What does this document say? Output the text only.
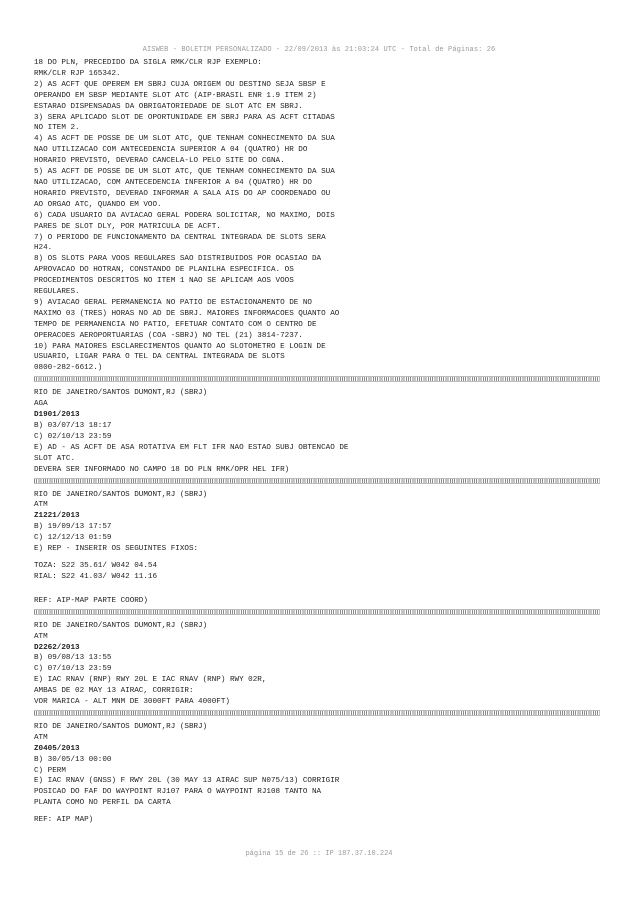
AISWEB - BOLETIM PERSONALIZADO - 22/09/2013 às 21:03:24 UTC - Total de Páginas: 26
18 DO PLN, PRECEDIDO DA SIGLA RMK/CLR RJP EXEMPLO:
RMK/CLR RJP 165342.
2) AS ACFT QUE OPEREM EM SBRJ CUJA ORIGEM OU DESTINO SEJA SBSP E
OPERANDO EM SBSP MEDIANTE SLOT ATC (AIP-BRASIL ENR 1.9 ITEM 2)
ESTARAO DISPENSADAS DA OBRIGATORIEDADE DE SLOT ATC EM SBRJ.
3) SERA APLICADO SLOT DE OPORTUNIDADE EM SBRJ PARA AS ACFT CITADAS
NO ITEM 2.
4) AS ACFT DE POSSE DE UM SLOT ATC, QUE TENHAM CONHECIMENTO DA SUA
NAO UTILIZACAO COM ANTECEDENCIA SUPERIOR A 04 (QUATRO) HR DO
HORARIO PREVISTO, DEVERAO CANCELA-LO PELO SITE DO CGNA.
5) AS ACFT DE POSSE DE UM SLOT ATC, QUE TENHAM CONHECIMENTO DA SUA
NAO UTILIZACAO, COM ANTECEDENCIA INFERIOR A 04 (QUATRO) HR DO
HORARIO PREVISTO, DEVERAO INFORMAR A SALA AIS DO AP COORDENADO OU
AO ORGAO ATC, QUANDO EM VOO.
6) CADA USUARIO DA AVIACAO GERAL PODERA SOLICITAR, NO MAXIMO, DOIS
PARES DE SLOT DLY, POR MATRICULA DE ACFT.
7) O PERIODO DE FUNCIONAMENTO DA CENTRAL INTEGRADA DE SLOTS SERA
H24.
8) OS SLOTS PARA VOOS REGULARES SAO DISTRIBUIDOS POR OCASIAO DA
APROVACAO DO HOTRAN, CONSTANDO DE PLANILHA ESPECIFICA. OS
PROCEDIMENTOS DESCRITOS NO ITEM 1 NAO SE APLICAM AOS VOOS
REGULARES.
9) AVIACAO GERAL PERMANENCIA NO PATIO DE ESTACIONAMENTO DE NO
MAXIMO 03 (TRES) HORAS NO AD DE SBRJ. MAIORES INFORMACOES QUANTO AO
TEMPO DE PERMANENCIA NO PATIO, EFETUAR CONTATO COM O CENTRO DE
OPERACOES AEROPORTUARIAS (COA -SBRJ) NO TEL (21) 3814-7237.
10) PARA MAIORES ESCLARECIMENTOS QUANTO AO SLOTOMETRO E LOGIN DE
USUARIO, LIGAR PARA O TEL DA CENTRAL INTEGRADA DE SLOTS
0800-282-6612.)
RIO DE JANEIRO/SANTOS DUMONT,RJ (SBRJ)
AGA
D1901/2013
B) 03/07/13 18:17
C) 02/10/13 23:59
E) AD - AS ACFT DE ASA ROTATIVA EM FLT IFR NAO ESTAO SUBJ OBTENCAO DE
SLOT ATC.
DEVERA SER INFORMADO NO CAMPO 18 DO PLN RMK/OPR HEL IFR)
RIO DE JANEIRO/SANTOS DUMONT,RJ (SBRJ)
ATM
Z1221/2013
B) 19/09/13 17:57
C) 12/12/13 01:59
E) REP - INSERIR OS SEGUINTES FIXOS:
TOZA: S22 35.61/ W042 04.54
RIAL: S22 41.03/ W042 11.16
REF: AIP-MAP PARTE COORD)
RIO DE JANEIRO/SANTOS DUMONT,RJ (SBRJ)
ATM
D2262/2013
B) 09/08/13 13:55
C) 07/10/13 23:59
E) IAC RNAV (RNP) RWY 20L E IAC RNAV (RNP) RWY 02R,
AMBAS DE 02 MAY 13 AIRAC, CORRIGIR:
VOR MARICA - ALT MNM DE 3000FT PARA 4000FT)
RIO DE JANEIRO/SANTOS DUMONT,RJ (SBRJ)
ATM
Z0405/2013
B) 30/05/13 00:00
C) PERM
E) IAC RNAV (GNSS) F RWY 20L (30 MAY 13 AIRAC SUP N075/13) CORRIGIR
POSICAO DO FAF DO WAYPOINT RJ107 PARA O WAYPOINT RJ108 TANTO NA
PLANTA COMO NO PERFIL DA CARTA
REF: AIP MAP)
página 15 de 26 :: IP 187.37.10.224
